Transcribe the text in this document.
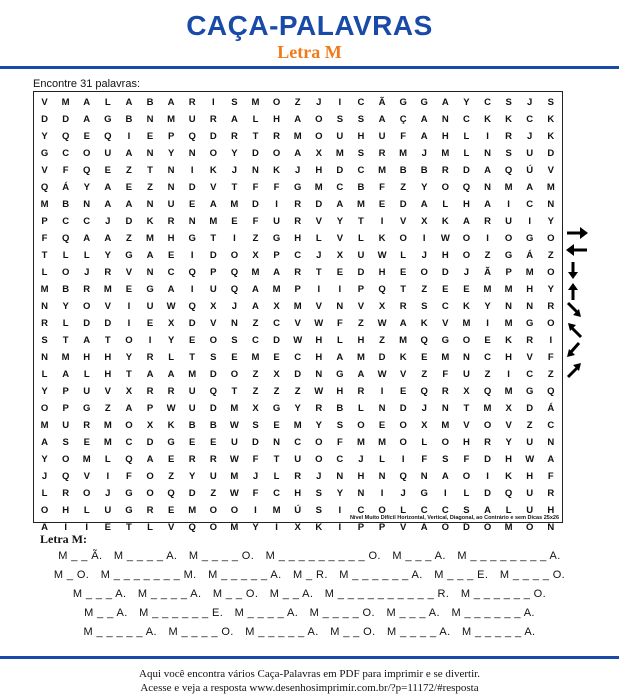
CAÇA-PALAVRAS
Letra M
Encontre 31 palavras:
V	M	A	L	A	B	A	R	I	S	M	O	Z	J	I	C	Ã	G	G	A	Y	C	S	J	S
D	D	A	G	B	N	M	U	R	A	L	H	A	O	S	S	A	Ç	A	N	C	K	K	C	K
Y	Q	E	Q	I	E	P	Q	D	R	T	R	M	O	U	H	U	F	A	H	L	I	R	J	K
G	C	O	U	A	N	Y	N	O	Y	D	O	A	X	M	S	R	M	J	M	L	N	S	U	D
V	F	Q	E	Z	T	N	I	K	J	N	K	J	H	D	C	M	B	B	R	D	A	Q	Ú	V
Q	Á	Y	A	E	Z	N	D	V	T	F	F	G	M	C	B	F	Z	Y	O	Q	N	M	A	M
M	B	N	A	A	N	U	E	A	M	D	I	R	D	A	M	E	D	A	L	H	A	I	C	N
P	C	C	J	D	K	R	N	M	E	F	U	R	V	Y	T	I	V	X	K	A	R	U	I	Y
F	Q	A	A	Z	M	H	G	T	I	Z	G	H	L	V	L	K	O	I	W	O	I	O	G	O
T	L	L	Y	G	A	E	I	D	O	X	P	C	J	X	U	W	L	J	H	O	Z	G	Á	Z
L	O	J	R	V	N	C	Q	P	Q	M	A	R	T	E	D	H	E	O	D	J	Ã	P	M	O
M	B	R	M	E	G	A	I	U	Q	A	M	P	I	I	P	Q	T	Z	E	E	M	M	H	Y
N	Y	O	V	I	U	W	Q	X	J	A	X	M	V	N	V	X	R	S	C	K	Y	N	N	R
R	L	D	D	I	E	X	D	V	N	Z	C	V	W	F	Z	W	A	K	V	M	I	M	G	O
S	T	A	T	O	I	Y	E	O	S	C	D	W	H	L	H	Z	M	Q	G	O	E	K	R	I
N	M	H	H	Y	R	L	T	S	E	M	E	C	H	A	M	D	K	E	M	N	C	H	V	F
L	A	L	H	T	A	A	M	D	O	Z	X	D	N	G	A	W	V	Z	F	U	Z	I	C	Z
Y	P	U	V	X	R	R	U	Q	T	Z	Z	Z	W	H	R	I	E	Q	R	X	Q	M	G	Q
O	P	G	Z	A	P	W	U	D	M	X	G	Y	R	B	L	N	D	J	N	T	M	X	D	Á
M	U	R	M	O	X	K	B	B	W	S	E	M	Y	S	O	E	O	X	M	V	O	V	Z	C
A	S	E	M	C	D	G	E	E	U	D	N	C	O	F	M	M	O	L	O	H	R	Y	U	N
Y	O	M	L	Q	A	E	R	R	W	F	T	U	O	C	J	L	I	F	S	F	D	H	W	A
J	Q	V	I	F	O	Z	Y	U	M	J	L	R	J	N	H	N	Q	N	A	O	I	K	H	F
L	R	O	J	G	O	Q	D	Z	W	F	C	H	S	Y	N	I	J	G	I	L	D	Q	U	R
O	H	L	U	G	R	E	M	O	O	I	M	Ú	S	I	C	O	L	C	C	S	A	L	U	H
A	I	I	E	T	L	V	Q	O	M	Y	I	X	K	I	P	P	V	A	O	D	O	M	O	N
Nível Muito Difícil Horizontal, Vertical, Diagonal, ao Contrário e sem Dicas 25x26
Letra M:
M _ _ Ã. M _ _ _ _ A. M _ _ _ _ O. M _ _ _ _ _ _ _ _ _ O. M _ _ _ A. M _ _ _ _ _ _ _ _ A.
M _ O. M _ _ _ _ _ _ _ M. M _ _ _ _ _ A. M _ R. M _ _ _ _ _ _ A. M _ _ _ E. M _ _ _ _ O.
M _ _ _ A. M _ _ _ _ A. M _ _ O. M _ _ A. M _ _ _ _ _ _ _ _ _ _ R. M _ _ _ _ _ _ O.
M _ _ A. M _ _ _ _ _ _ E. M _ _ _ _ A. M _ _ _ _ O. M _ _ _ A. M _ _ _ _ _ _ A.
M _ _ _ _ _ A. M _ _ _ _ O. M _ _ _ _ _ A. M _ _ O. M _ _ _ _ A. M _ _ _ _ _ A.
Aqui você encontra vários Caça-Palavras em PDF para imprimir e se divertir.
Acesse e veja a resposta www.desenhosimprimir.com.br/?p=11172/#resposta
